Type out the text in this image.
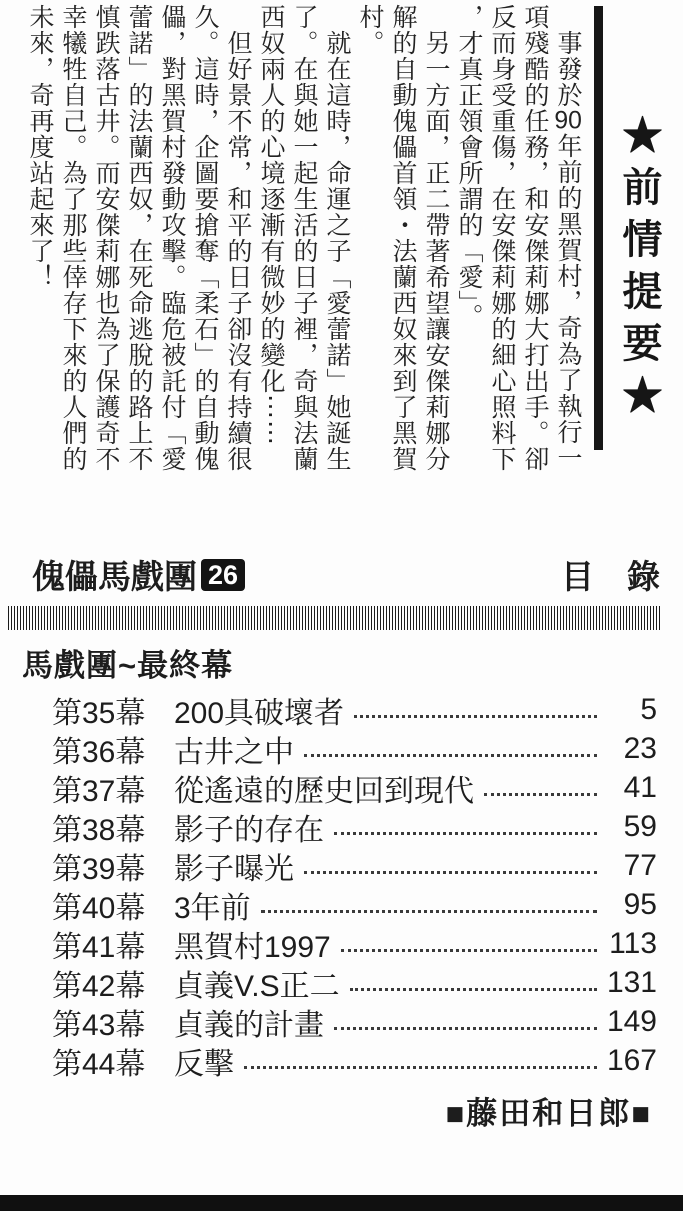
★前情提要★
事發於90年前的黑賀村，奇為了執行一
項殘酷的任務，和安傑莉娜大打出手。卻
反而身受重傷，在安傑莉娜的細心照料下
，才真正領會所謂的「愛」。
另一方面，正二帶著希望讓安傑莉娜分
解的自動傀儡首領・法蘭西奴來到了黑賀
村。
就在這時，命運之子「愛蕾諾」她誕生
了。在與她一起生活的日子裡，奇與法蘭
西奴兩人的心境逐漸有微妙的變化⋯⋯
但好景不常，和平的日子卻沒有持續很
久。這時，企圖要搶奪「柔石」的自動傀
儡，對黑賀村發動攻擊。臨危被託付「愛
蕾諾」的法蘭西奴，在死命逃脫的路上不
慎跌落古井。而安傑莉娜也為了保護奇不
幸犧牲自己。為了那些倖存下來的人們的
未來，奇再度站起來了！
傀儡馬戲團 26	目　錄
馬戲團~最終幕
第35幕 200具破壞者	5
第36幕 古井之中	23
第37幕 從遙遠的歷史回到現代	41
第38幕 影子的存在	59
第39幕 影子曝光	77
第40幕 3年前	95
第41幕 黑賀村1997	113
第42幕 貞義V.S正二	131
第43幕 貞義的計畫	149
第44幕 反擊	167
■藤田和日郎■
